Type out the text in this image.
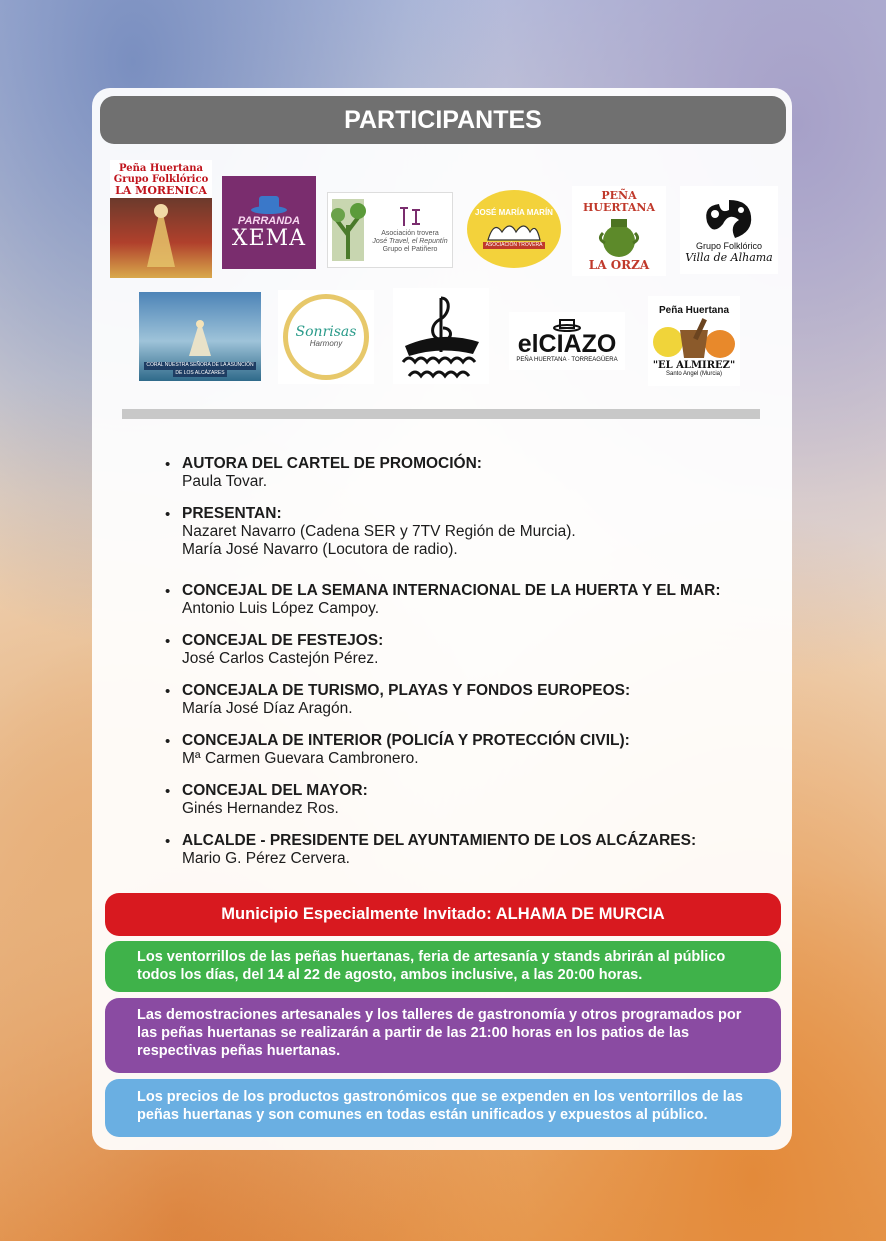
PARTICIPANTES
Peña Huertana
Grupo Folklórico
LA MORENICA
PARRANDA
XEMA	Asociación trovera
José Travel, el Repuntín
Grupo el Patiñero
JOSÉ MARÍA MARÍN
ASOCIACIÓN TROVERA
PEÑA HUERTANA
LA ORZA
Grupo Folklórico
Villa de Alhama
CORAL NUESTRA SEÑORA DE LA ASUNCIÓN
DE LOS ALCÁZARES
Sonrisas
Harmony	elCIAZO
PEÑA HUERTANA · TORREAGÜERA
Peña Huertana
"EL ALMIREZ"
Santo Angel (Murcia)
• AUTORA DEL CARTEL DE PROMOCIÓN:
Paula Tovar.
• PRESENTAN:
Nazaret Navarro (Cadena SER y 7TV Región de Murcia).
María José Navarro (Locutora de radio).
• CONCEJAL DE LA SEMANA INTERNACIONAL DE LA HUERTA Y EL MAR:
Antonio Luis López Campoy.
• CONCEJAL DE FESTEJOS:
José Carlos Castejón Pérez.
• CONCEJALA DE TURISMO, PLAYAS Y FONDOS EUROPEOS:
María José Díaz Aragón.
• CONCEJALA DE INTERIOR (POLICÍA Y PROTECCIÓN CIVIL):
Mª Carmen Guevara Cambronero.
• CONCEJAL DEL MAYOR:
Ginés Hernandez Ros.
• ALCALDE - PRESIDENTE DEL AYUNTAMIENTO DE LOS ALCÁZARES:
Mario G. Pérez Cervera.
Municipio Especialmente Invitado: ALHAMA DE MURCIA
Los ventorrillos de las peñas huertanas, feria de artesanía y stands abrirán al público todos los días, del 14 al 22 de agosto, ambos inclusive, a las 20:00 horas.
Las demostraciones artesanales y los talleres de gastronomía y otros programados por las peñas huertanas se realizarán a partir de las 21:00 horas en los patios de las respectivas peñas huertanas.
Los precios de los productos gastronómicos que se expenden en los ventorrillos de las peñas huertanas y son comunes en todas están unificados y expuestos al público.
